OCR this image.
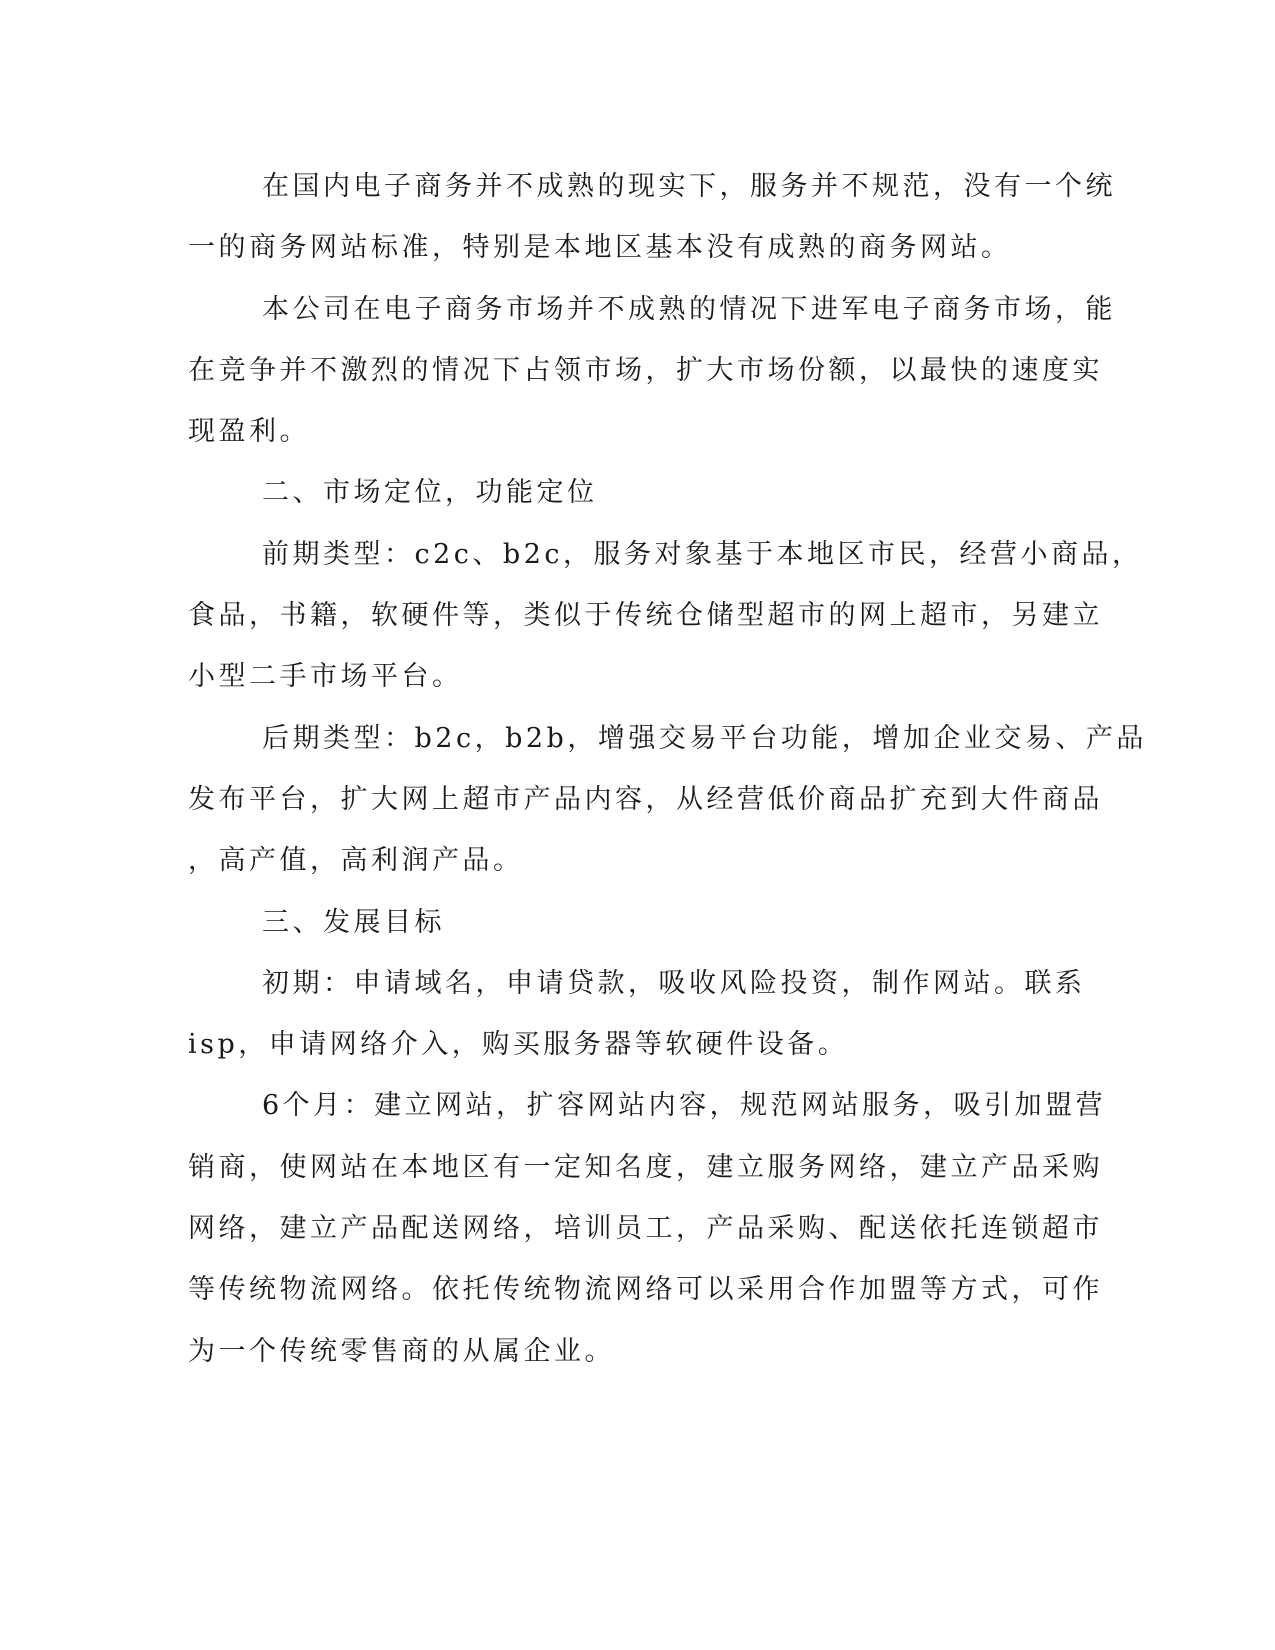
在国内电子商务并不成熟的现实下，服务并不规范，没有一个统
一的商务网站标准，特别是本地区基本没有成熟的商务网站。
本公司在电子商务市场并不成熟的情况下进军电子商务市场，能
在竞争并不激烈的情况下占领市场，扩大市场份额，以最快的速度实
现盈利。
二、市场定位，功能定位
前期类型：c2c、b2c，服务对象基于本地区市民，经营小商品，
食品，书籍，软硬件等，类似于传统仓储型超市的网上超市，另建立
小型二手市场平台。
后期类型：b2c，b2b，增强交易平台功能，增加企业交易、产品
发布平台，扩大网上超市产品内容，从经营低价商品扩充到大件商品
，高产值，高利润产品。
三、发展目标
初期：申请域名，申请贷款，吸收风险投资，制作网站。联系
isp，申请网络介入，购买服务器等软硬件设备。
6个月：建立网站，扩容网站内容，规范网站服务，吸引加盟营
销商，使网站在本地区有一定知名度，建立服务网络，建立产品采购
网络，建立产品配送网络，培训员工，产品采购、配送依托连锁超市
等传统物流网络。依托传统物流网络可以采用合作加盟等方式，可作
为一个传统零售商的从属企业。
